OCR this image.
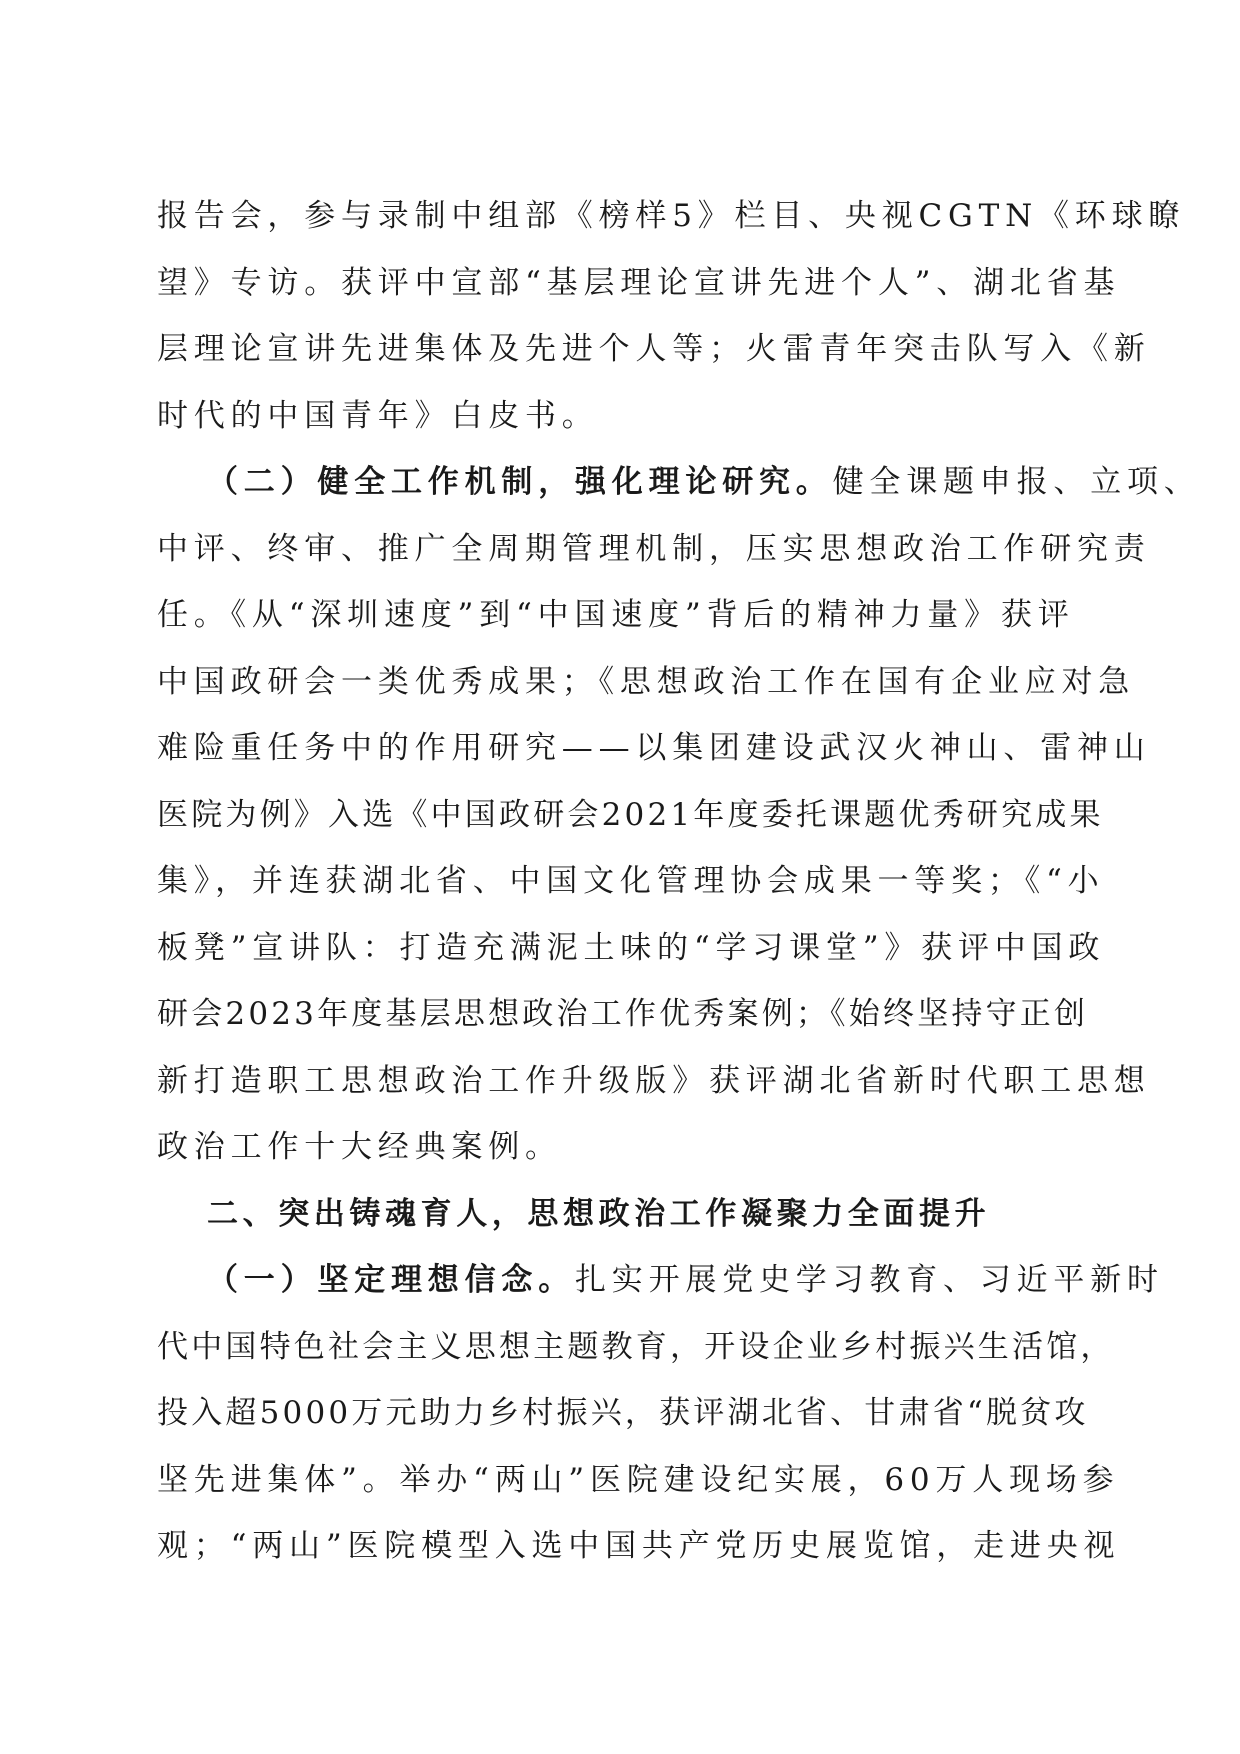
报告会，参与录制中组部《榜样5》栏目、央视CGTN《环球瞭
望》专访。获评中宣部“基层理论宣讲先进个人”、湖北省基
层理论宣讲先进集体及先进个人等；火雷青年突击队写入《新
时代的中国青年》白皮书。
（二）健全工作机制，强化理论研究。健全课题申报、立项、
中评、终审、推广全周期管理机制，压实思想政治工作研究责
任。《从“深圳速度”到“中国速度”背后的精神力量》获评
中国政研会一类优秀成果；《思想政治工作在国有企业应对急
难险重任务中的作用研究——以集团建设武汉火神山、雷神山
医院为例》入选《中国政研会2021年度委托课题优秀研究成果
集》，并连获湖北省、中国文化管理协会成果一等奖；《“小
板凳”宣讲队：打造充满泥土味的“学习课堂”》获评中国政
研会2023年度基层思想政治工作优秀案例；《始终坚持守正创
新打造职工思想政治工作升级版》获评湖北省新时代职工思想
政治工作十大经典案例。
二、突出铸魂育人，思想政治工作凝聚力全面提升
（一）坚定理想信念。扎实开展党史学习教育、习近平新时
代中国特色社会主义思想主题教育，开设企业乡村振兴生活馆，
投入超5000万元助力乡村振兴，获评湖北省、甘肃省“脱贫攻
坚先进集体”。举办“两山”医院建设纪实展，60万人现场参
观；“两山”医院模型入选中国共产党历史展览馆，走进央视
